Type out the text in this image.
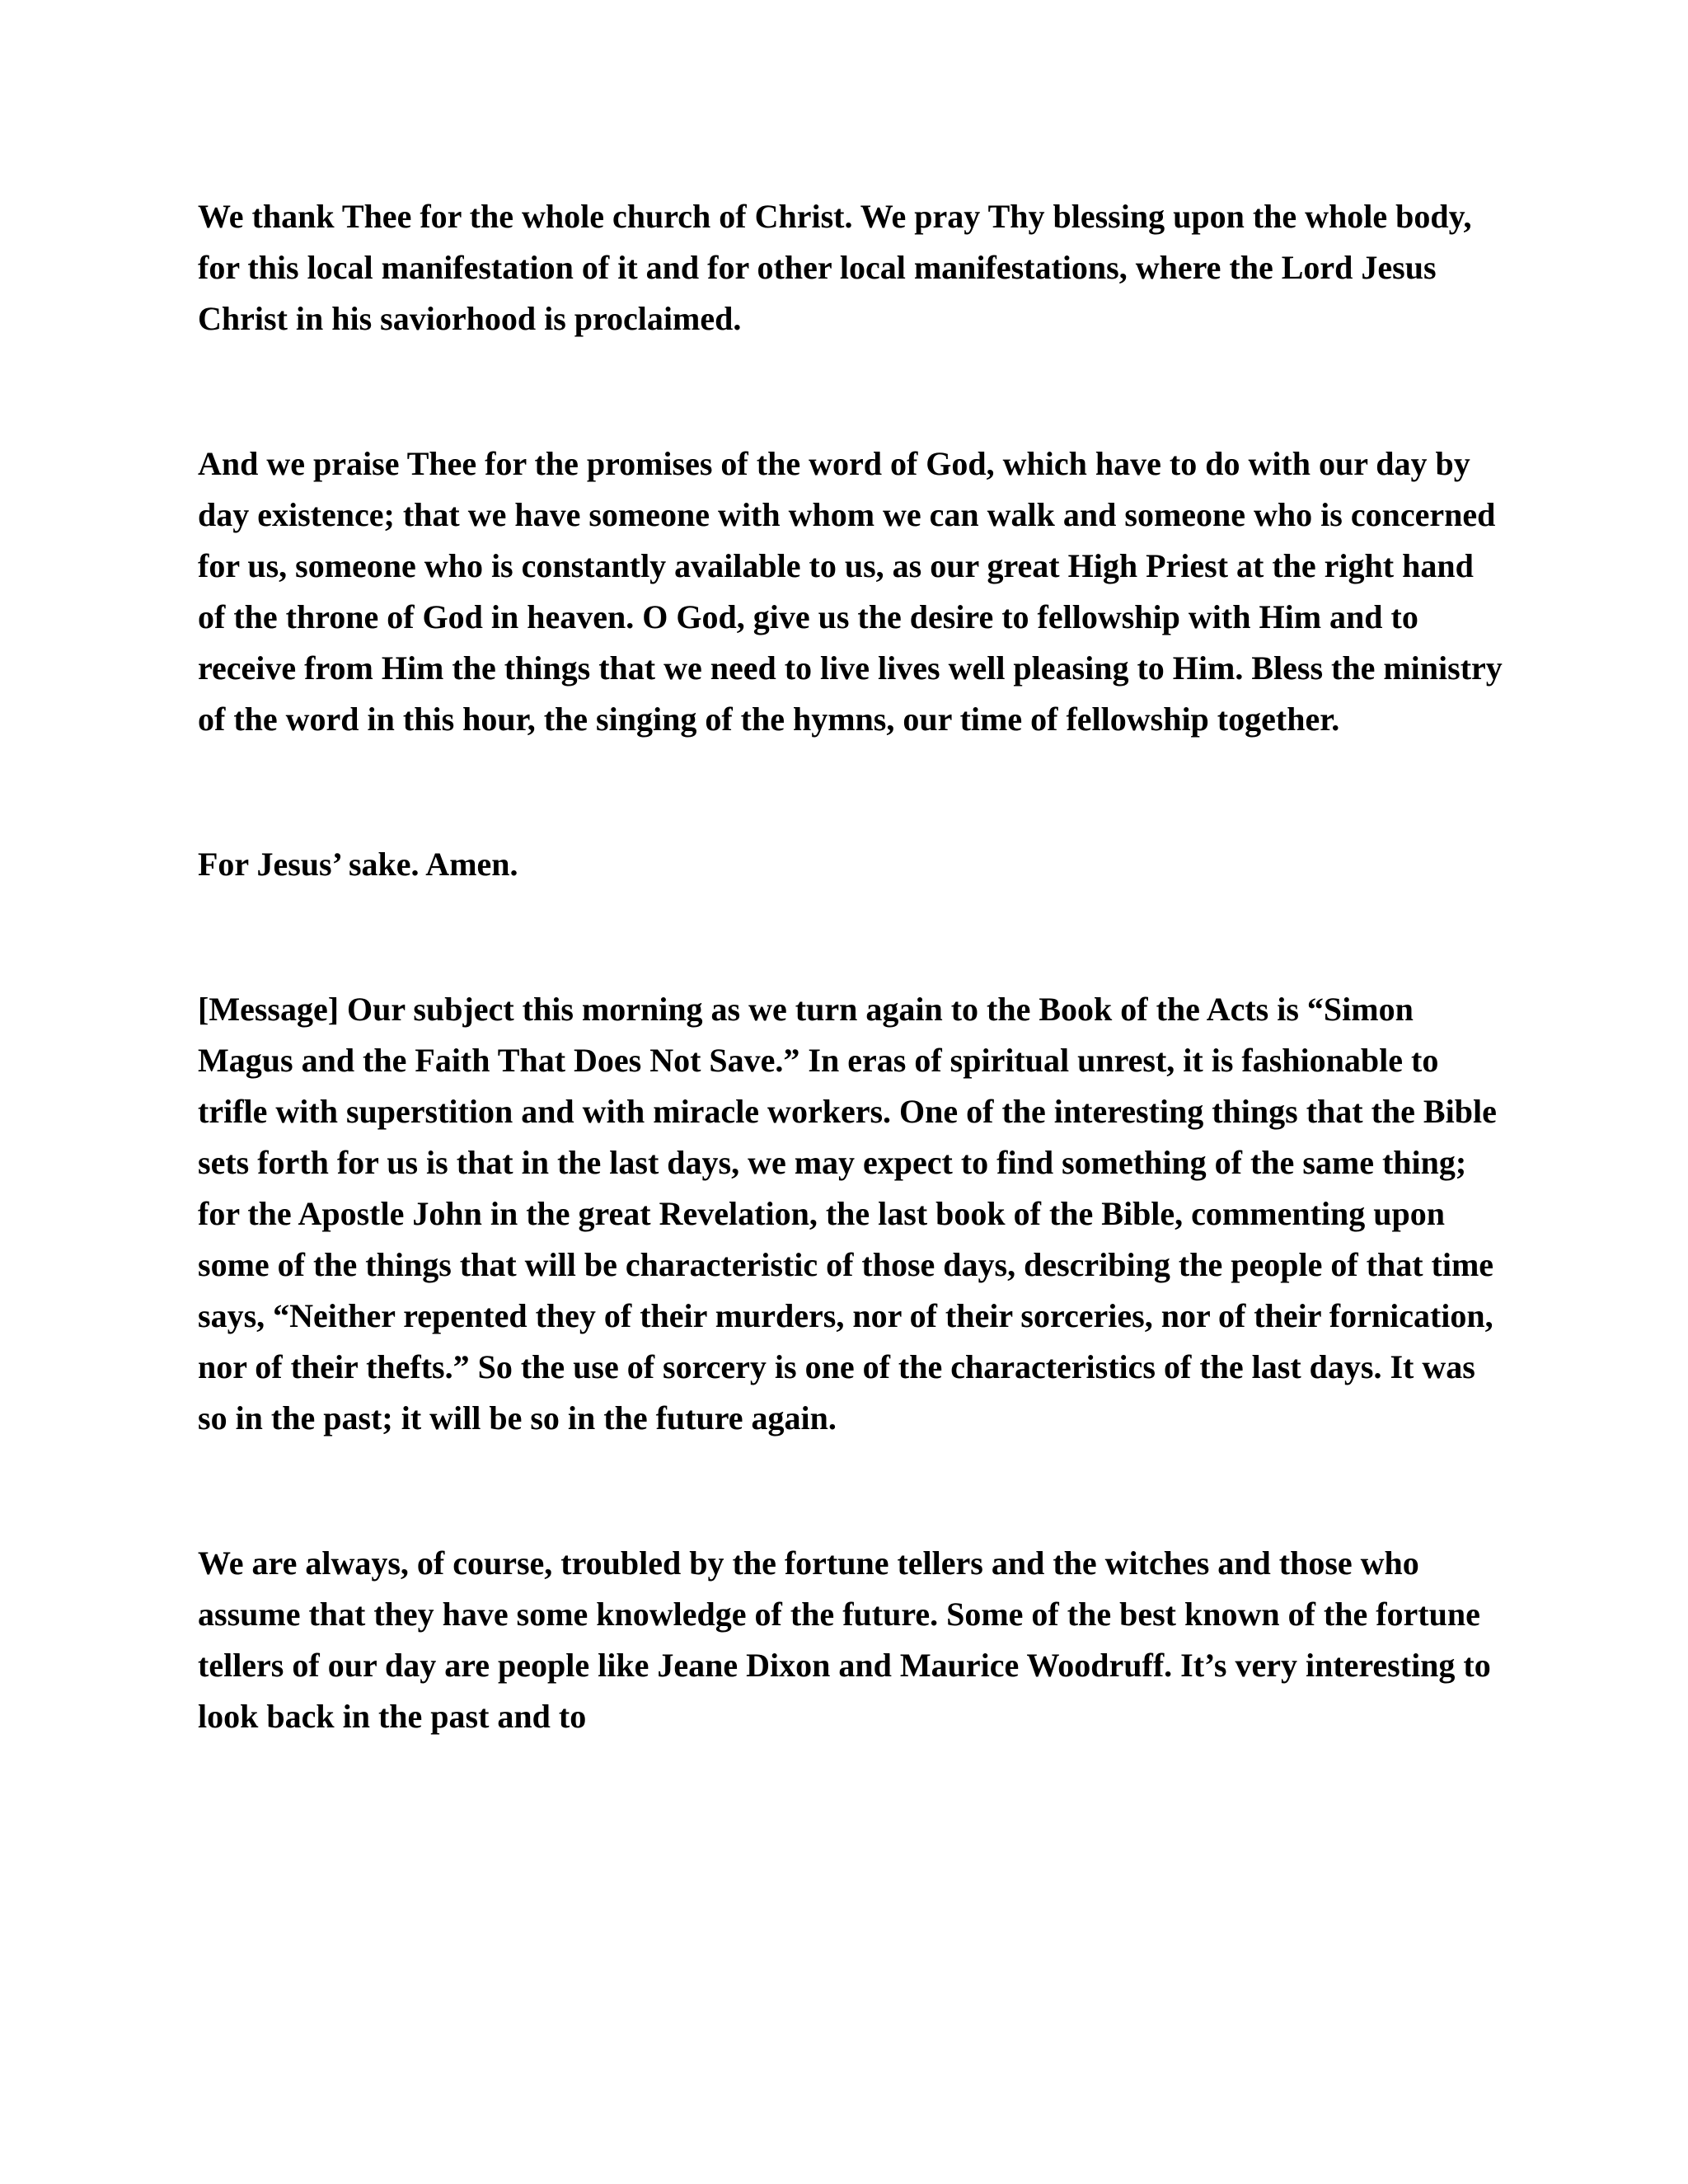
We thank Thee for the whole church of Christ. We pray Thy blessing upon the whole body, for this local manifestation of it and for other local manifestations, where the Lord Jesus Christ in his saviorhood is proclaimed.

And we praise Thee for the promises of the word of God, which have to do with our day by day existence; that we have someone with whom we can walk and someone who is concerned for us, someone who is constantly available to us, as our great High Priest at the right hand of the throne of God in heaven. O God, give us the desire to fellowship with Him and to receive from Him the things that we need to live lives well pleasing to Him. Bless the ministry of the word in this hour, the singing of the hymns, our time of fellowship together.

For Jesus’ sake. Amen.

[Message] Our subject this morning as we turn again to the Book of the Acts is “Simon Magus and the Faith That Does Not Save.” In eras of spiritual unrest, it is fashionable to trifle with superstition and with miracle workers. One of the interesting things that the Bible sets forth for us is that in the last days, we may expect to find something of the same thing; for the Apostle John in the great Revelation, the last book of the Bible, commenting upon some of the things that will be characteristic of those days, describing the people of that time says, “Neither repented they of their murders, nor of their sorceries, nor of their fornication, nor of their thefts.” So the use of sorcery is one of the characteristics of the last days. It was so in the past; it will be so in the future again.

We are always, of course, troubled by the fortune tellers and the witches and those who assume that they have some knowledge of the future. Some of the best known of the fortune tellers of our day are people like Jeane Dixon and Maurice Woodruff. It’s very interesting to look back in the past and to
